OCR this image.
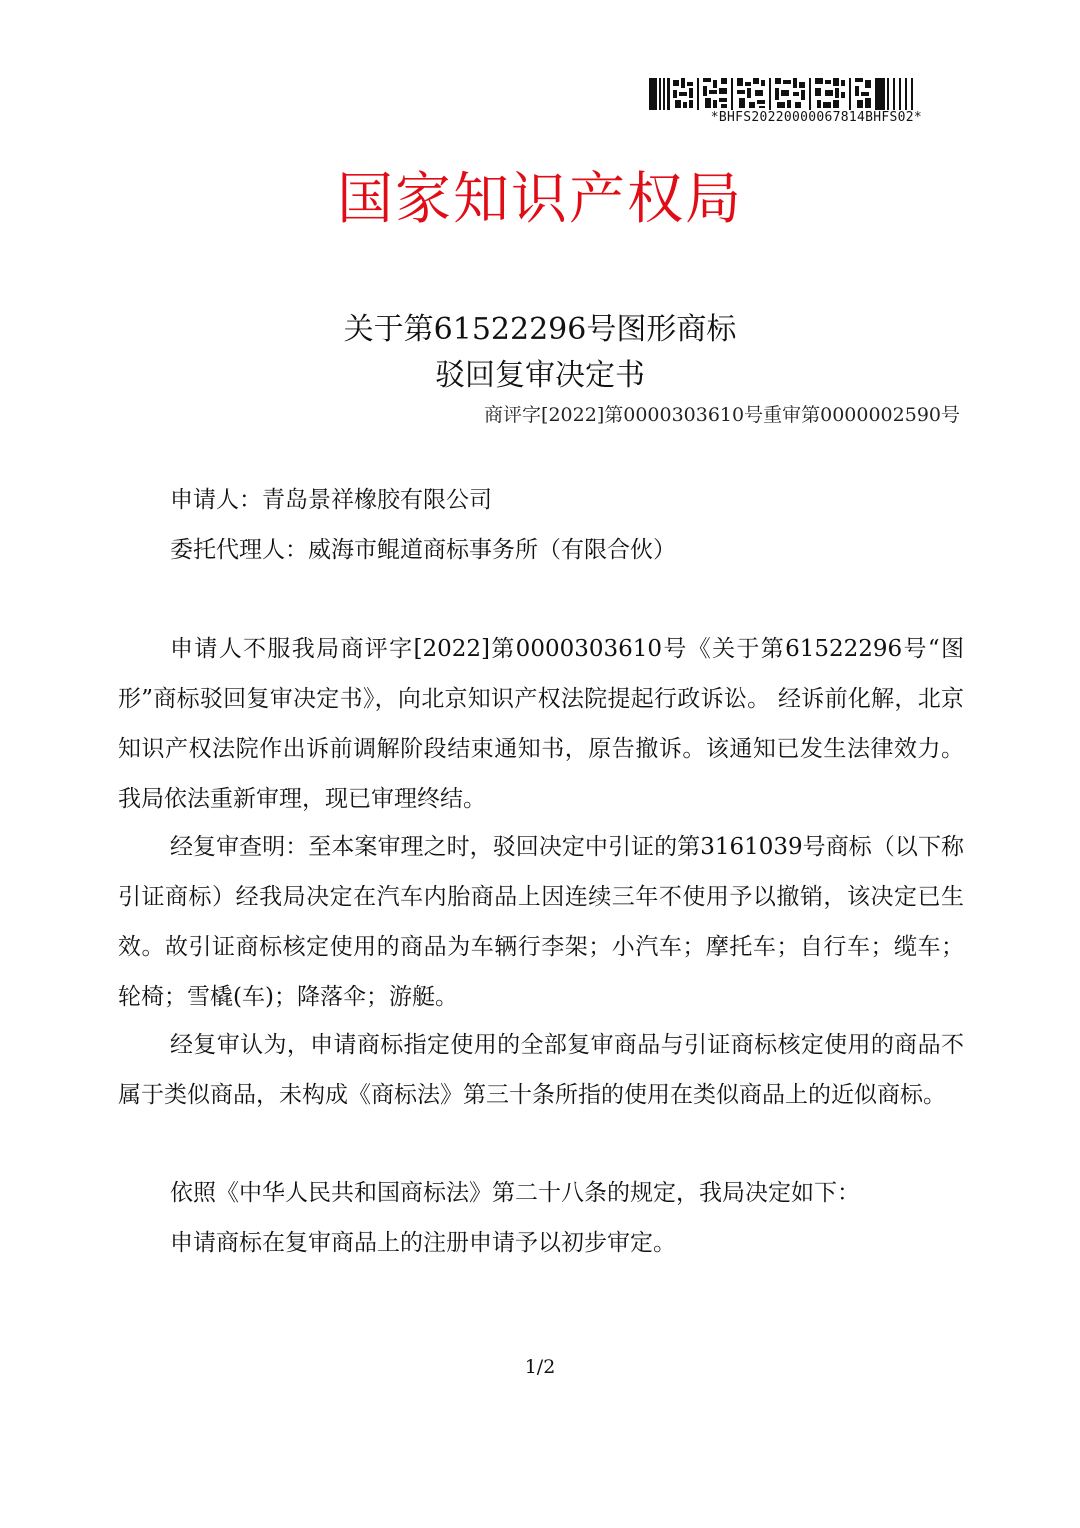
*BHFS20220000067814BHFS02*
国家知识产权局
关于第61522296号图形商标
驳回复审决定书
商评字[2022]第0000303610号重审第0000002590号
申请人：青岛景祥橡胶有限公司
委托代理人：威海市鲲道商标事务所（有限合伙）

申请人不服我局商评字[2022]第0000303610号《关于第61522296号“图形”商标驳回复审决定书》，向北京知识产权法院提起行政诉讼。 经诉前化解，北京知识产权法院作出诉前调解阶段结束通知书，原告撤诉。该通知已发生法律效力。我局依法重新审理，现已审理终结。

经复审查明：至本案审理之时，驳回决定中引证的第3161039号商标（以下称引证商标）经我局决定在汽车内胎商品上因连续三年不使用予以撤销，该决定已生效。故引证商标核定使用的商品为车辆行李架；小汽车；摩托车；自行车；缆车；轮椅；雪橇(车)；降落伞；游艇。

经复审认为，申请商标指定使用的全部复审商品与引证商标核定使用的商品不属于类似商品，未构成《商标法》第三十条所指的使用在类似商品上的近似商标。

依照《中华人民共和国商标法》第二十八条的规定，我局决定如下：

申请商标在复审商品上的注册申请予以初步审定。

1/2
